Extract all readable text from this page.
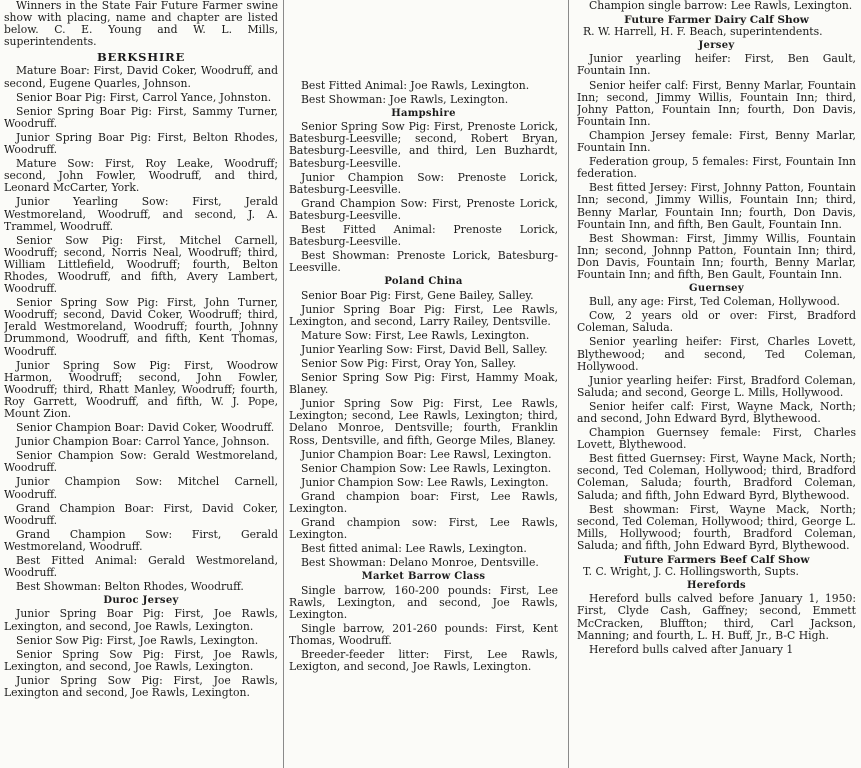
Winners in the State Fair Future Farmer swine show with placing, name and chapter are listed below. C. E. Young and W. L. Mills, superintendents.

BERKSHIRE

Mature Boar: First, David Coker, Woodruff, and second, Eugene Quarles, Johnson.

Senior Boar Pig: First, Carrol Yance, Johnston.

Senior Spring Boar Pig: First, Sammy Turner, Woodruff.

Junior Spring Boar Pig: First, Belton Rhodes, Woodruff.

Mature Sow: First, Roy Leake, Woodruff; second, John Fowler, Woodruff, and third, Leonard McCarter, York.

Junior Yearling Sow: First, Jerald Westmoreland, Woodruff, and second, J. A. Trammel, Woodruff.

Senior Sow Pig: First, Mitchel Carnell, Woodruff; second, Norris Neal, Woodruff; third, William Littlefield, Woodruff; fourth, Belton Rhodes, Woodruff, and fifth, Avery Lambert, Woodruff.

Senior Spring Sow Pig: First, John Turner, Woodruff; second, David Coker, Woodruff; third, Jerald Westmoreland, Woodruff; fourth, Johnny Drummond, Woodruff, and fifth, Kent Thomas, Woodruff.

Junior Spring Sow Pig: First, Woodrow Harmon, Woodruff; second, John Fowler, Woodruff; third, Rhatt Manley, Woodruff; fourth, Roy Garrett, Woodruff, and fifth, W. J. Pope, Mount Zion.

Senior Champion Boar: David Coker, Woodruff.

Junior Champion Boar: Carrol Yance, Johnson.

Senior Champion Sow: Gerald Westmoreland, Woodruff.

Junior Champion Sow: Mitchel Carnell, Woodruff.

Grand Champion Boar: First, David Coker, Woodruff.

Grand Champion Sow: First, Gerald Westmoreland, Woodruff.

Best Fitted Animal: Gerald Westmoreland, Woodruff.

Best Showman: Belton Rhodes, Woodruff.

Duroc Jersey

Junior Spring Boar Pig: First, Joe Rawls, Lexington, and second, Joe Rawls, Lexington.

Senior Sow Pig: First, Joe Rawls, Lexington.

Senior Spring Sow Pig: First, Joe Rawls, Lexington, and second, Joe Rawls, Lexington.

Junior Spring Sow Pig: First, Joe Rawls, Lexington and second, Joe Rawls, Lexington.

Best Fitted Animal: Joe Rawls, Lexington.

Best Showman: Joe Rawls, Lexington.

Hampshire

Senior Spring Sow Pig: First, Prenoste Lorick, Batesburg-Leesville; second, Robert Bryan, Batesburg-Leesville, and third, Len Buzhardt, Batesburg-Leesville.

Junior Champion Sow: Prenoste Lorick, Batesburg-Leesville.

Grand Champion Sow: First, Prenoste Lorick, Batesburg-Leesville.

Best Fitted Animal: Prenoste Lorick, Batesburg-Leesville.

Best Showman: Prenoste Lorick, Batesburg-Leesville.

Poland China

Senior Boar Pig: First, Gene Bailey, Salley.

Junior Spring Boar Pig: First, Lee Rawls, Lexington, and second, Larry Railey, Dentsville.

Mature Sow: First, Lee Rawls, Lexington.

Junior Yearling Sow: First, David Bell, Salley.

Senior Sow Pig: First, Oray Yon, Salley.

Senior Spring Sow Pig: First, Hammy Moak, Blaney.

Junior Spring Sow Pig: First, Lee Rawls, Lexington; second, Lee Rawls, Lexington; third, Delano Monroe, Dentsville; fourth, Franklin Ross, Dentsville, and fifth, George Miles, Blaney.

Junior Champion Boar: Lee Rawsl, Lexington.

Senior Champion Sow: Lee Rawls, Lexington.

Junior Champion Sow: Lee Rawls, Lexington.

Grand champion boar: First, Lee Rawls, Lexington.

Grand champion sow: First, Lee Rawls, Lexington.

Best fitted animal: Lee Rawls, Lexington.

Best Showman: Delano Monroe, Dentsville.

Market Barrow Class

Single barrow, 160-200 pounds: First, Lee Rawls, Lexington, and second, Joe Rawls, Lexington.

Single barrow, 201-260 pounds: First, Kent Thomas, Woodruff.

Breeder-feeder litter: First, Lee Rawls, Lexigton, and second, Joe Rawls, Lexington.

Champion single barrow: Lee Rawls, Lexington.

Future Farmer Dairy Calf Show
R. W. Harrell, H. F. Beach, superintendents.
Jersey

Junior yearling heifer: First, Ben Gault, Fountain Inn.

Senior heifer calf: First, Benny Marlar, Fountain Inn; second, Jimmy Willis, Fountain Inn; third, Johny Patton, Fountain Inn; fourth, Don Davis, Fountain Inn.

Champion Jersey female: First, Benny Marlar, Fountain Inn.

Federation group, 5 females: First, Fountain Inn federation.

Best fitted Jersey: First, Johnny Patton, Fountain Inn; second, Jimmy Willis, Fountain Inn; third, Benny Marlar, Fountain Inn; fourth, Don Davis, Fountain Inn, and fifth, Ben Gault, Fountain Inn.

Best Showman: First, Jimmy Willis, Fountain Inn; second, Johnnp Patton, Fountain Inn; third, Don Davis, Fountain Inn; fourth, Benny Marlar, Fountain Inn; and fifth, Ben Gault, Fountain Inn.

Guernsey

Bull, any age: First, Ted Coleman, Hollywood.

Cow, 2 years old or over: First, Bradford Coleman, Saluda.

Senior yearling heifer: First, Charles Lovett, Blythewood; and second, Ted Coleman, Hollywood.

Junior yearling heifer: First, Bradford Coleman, Saluda; and second, George L. Mills, Hollywood.

Senior heifer calf: First, Wayne Mack, North; and second, John Edward Byrd, Blythewood.

Champion Guernsey female: First, Charles Lovett, Blythewood.

Best fitted Guernsey: First, Wayne Mack, North; second, Ted Coleman, Hollywood; third, Bradford Coleman, Saluda; fourth, Bradford Coleman, Saluda; and fifth, John Edward Byrd, Blythewood.

Best showman: First, Wayne Mack, North; second, Ted Coleman, Hollywood; third, George L. Mills, Hollywood; fourth, Bradford Coleman, Saluda; and fifth, John Edward Byrd, Blythewood.

Future Farmers Beef Calf Show
T. C. Wright, J. C. Hollingsworth, Supts.
Herefords

Hereford bulls calved before January 1, 1950: First, Clyde Cash, Gaffney; second, Emmett McCracken, Bluffton; third, Carl Jackson, Manning; and fourth, L. H. Buff, Jr., B-C High.

Hereford bulls calved after January 1
